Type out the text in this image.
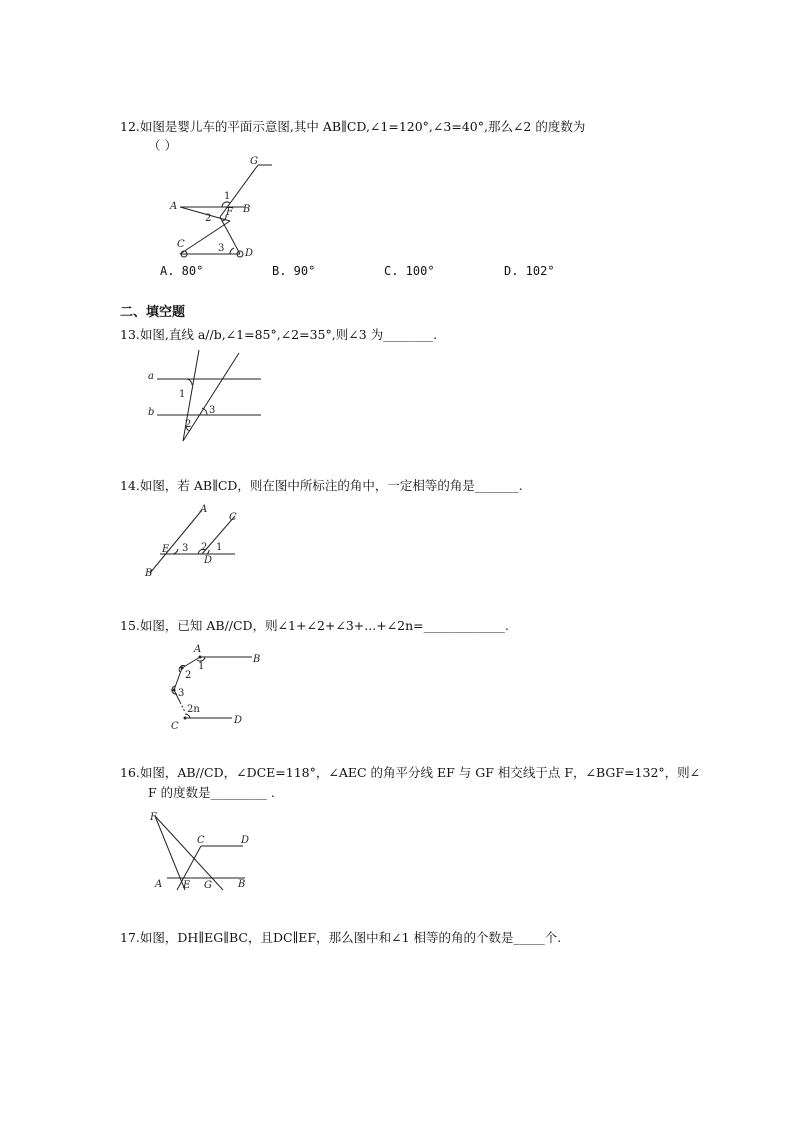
12.如图是婴儿车的平面示意图,其中 AB∥CD,∠1=120°,∠3=40°,那么∠2 的度数为
（ ）
G
1
A
F B
2
C	3 D
A. 80°	B. 90°	C. 100°	D. 102°
二、填空题
13.如图,直线 a//b,∠1=85°,∠2=35°,则∠3 为________.
a
b
1
3
2
14.如图，若 AB∥CD，则在图中所标注的角中，一定相等的角是_______.
A
C
E 3 2 1
D
B
15.如图，已知 AB//CD，则∠1+∠2+∠3+...+∠2n=_____________.
A
B
1
2
3
2n
D
C
16.如图，AB//CD，∠DCE=118°，∠AEC 的角平分线 EF 与 GF 相交线于点 F，∠BGF=132°，则∠
F 的度数是_________ .
F
C	D
A E G	B
17.如图，DH∥EG∥BC，且DC∥EF，那么图中和∠1 相等的角的个数是_____个.
